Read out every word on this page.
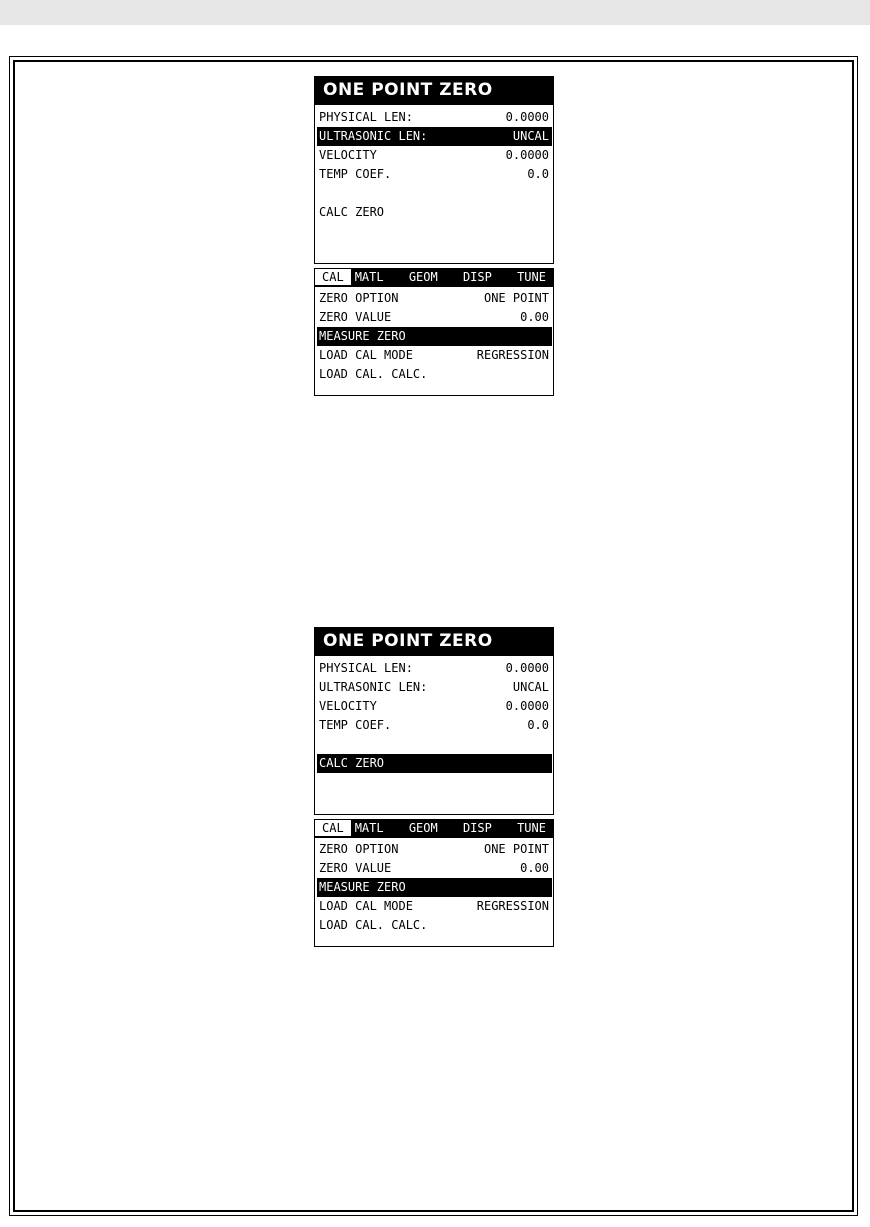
ONE POINT ZERO
PHYSICAL LEN:	0.0000
ULTRASONIC LEN:	UNCAL
VELOCITY	0.0000
TEMP COEF.	0.0
CALC ZERO
CAL MATL	GEOM	DISP	TUNE
ZERO OPTION	ONE POINT
ZERO VALUE	0.00
MEASURE ZERO
LOAD CAL MODE	REGRESSION
LOAD CAL. CALC.
ONE POINT ZERO
PHYSICAL LEN:	0.0000
ULTRASONIC LEN:	UNCAL
VELOCITY	0.0000
TEMP COEF.	0.0
CALC ZERO
CAL MATL	GEOM	DISP	TUNE
ZERO OPTION	ONE POINT
ZERO VALUE	0.00
MEASURE ZERO
LOAD CAL MODE	REGRESSION
LOAD CAL. CALC.
